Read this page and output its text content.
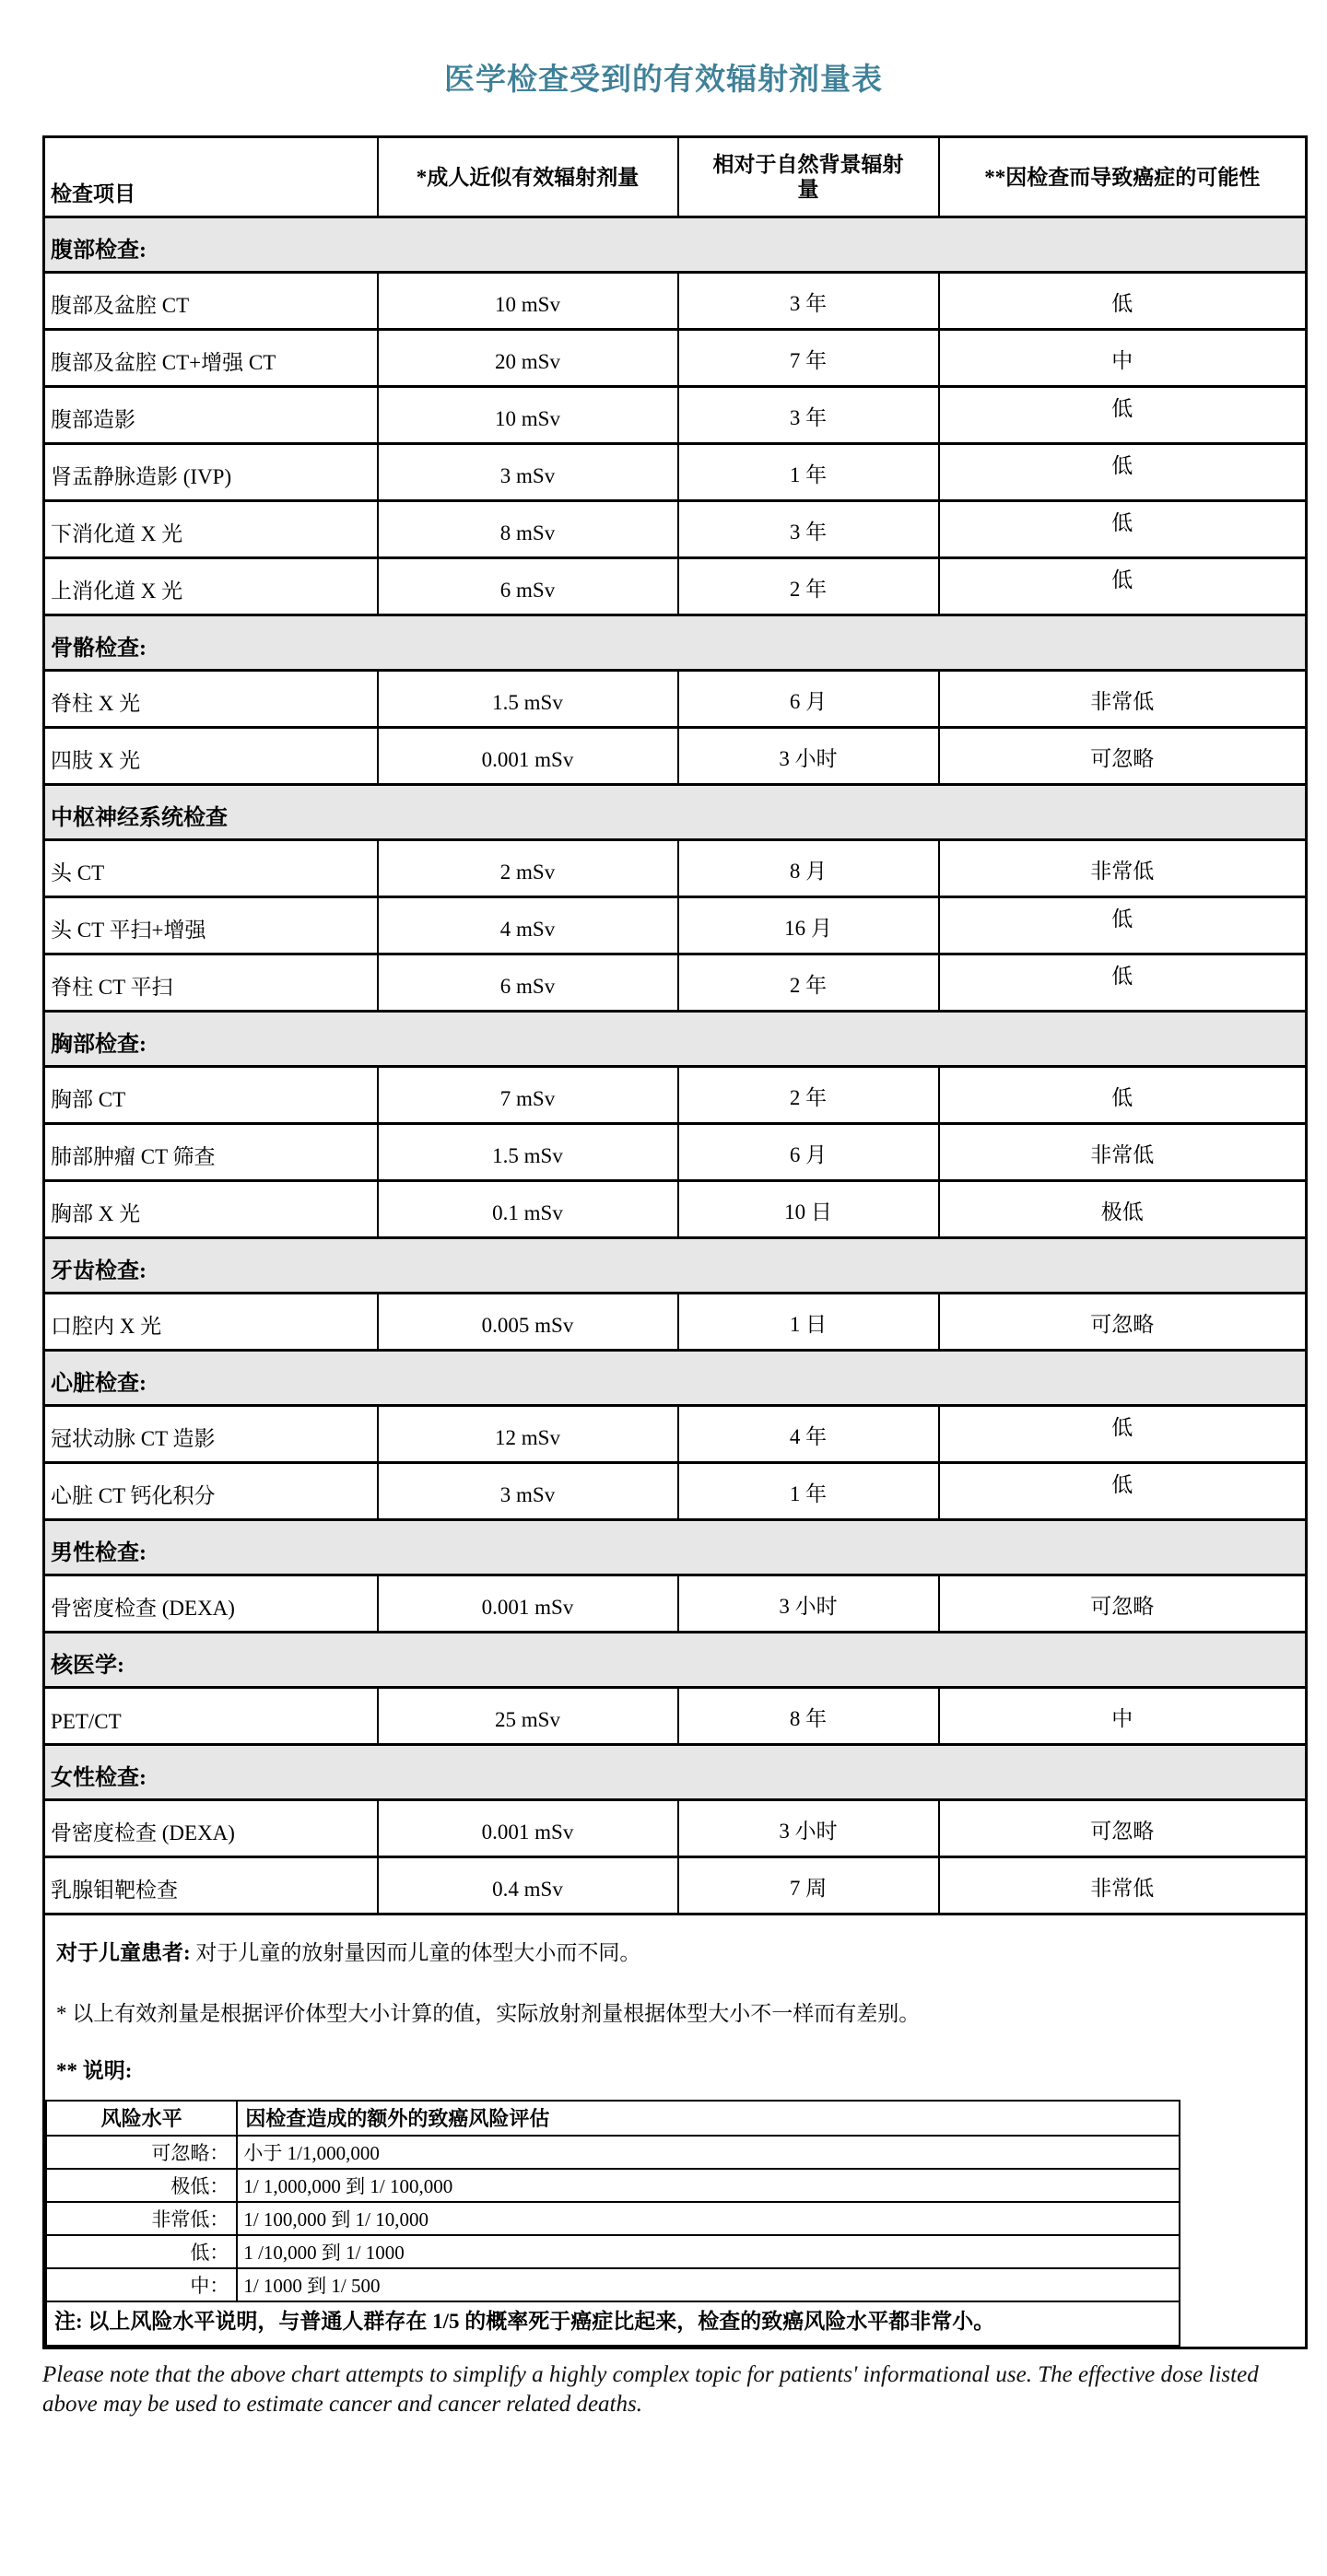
医学检查受到的有效辐射剂量表
检查项目	*成人近似有效辐射剂量	相对于自然背景辐射量	**因检查而导致癌症的可能性
腹部检查:
腹部及盆腔 CT	10 mSv	3 年	低
腹部及盆腔 CT+增强 CT	20 mSv	7 年	中
腹部造影	10 mSv	3 年	低
肾盂静脉造影 (IVP)	3 mSv	1 年	低
下消化道 X 光	8 mSv	3 年	低
上消化道 X 光	6 mSv	2 年	低
骨骼检查:
脊柱 X 光	1.5 mSv	6 月	非常低
四肢 X 光	0.001 mSv	3 小时	可忽略
中枢神经系统检查
头 CT	2 mSv	8 月	非常低
头 CT 平扫+增强	4 mSv	16 月	低
脊柱 CT 平扫	6 mSv	2 年	低
胸部检查:
胸部 CT	7 mSv	2 年	低
肺部肿瘤 CT 筛查	1.5 mSv	6 月	非常低
胸部 X 光	0.1 mSv	10 日	极低
牙齿检查:
口腔内 X 光	0.005 mSv	1 日	可忽略
心脏检查:
冠状动脉 CT 造影	12 mSv	4 年	低
心脏 CT 钙化积分	3 mSv	1 年	低
男性检查:
骨密度检查 (DEXA)	0.001 mSv	3 小时	可忽略
核医学:
PET/CT	25 mSv	8 年	中
女性检查:
骨密度检查 (DEXA)	0.001 mSv	3 小时	可忽略
乳腺钼靶检查	0.4 mSv	7 周	非常低

对于儿童患者: 对于儿童的放射量因而儿童的体型大小而不同。

* 以上有效剂量是根据评价体型大小计算的值，实际放射剂量根据体型大小不一样而有差别。

** 说明:

风险水平	因检查造成的额外的致癌风险评估
可忽略：	小于 1/1,000,000
极低：	1/ 1,000,000 到 1/ 100,000
非常低：	1/ 100,000 到 1/ 10,000
低：	1 /10,000 到 1/ 1000
中：	1/ 1000 到 1/ 500
注: 以上风险水平说明，与普通人群存在 1/5 的概率死于癌症比起来，检查的致癌风险水平都非常小。

Please note that the above chart attempts to simplify a highly complex topic for patients' informational use. The effective dose listed above may be used to estimate cancer and cancer related deaths.
